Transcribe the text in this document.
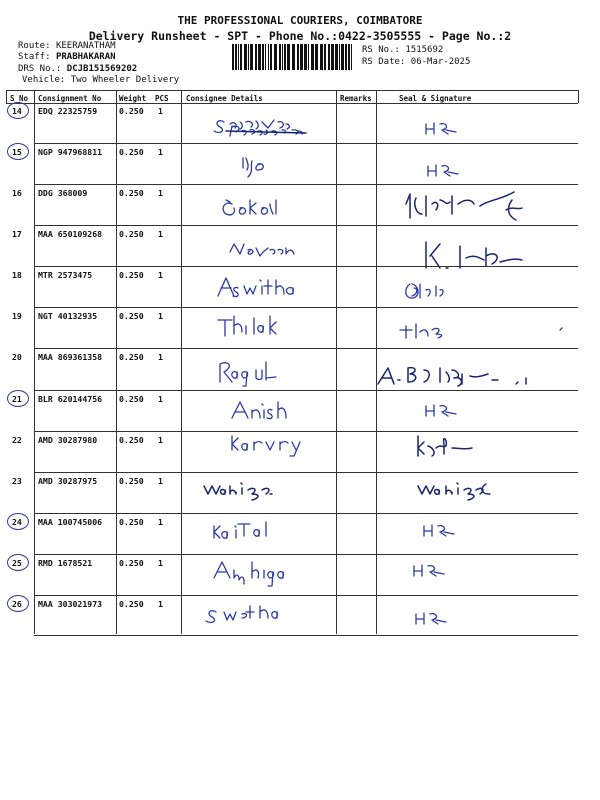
THE PROFESSIONAL COURIERS, COIMBATORE
Delivery Runsheet - SPT - Phone No.:0422-3505555 - Page No.:2
Route: KEERANATHAM
Staff: PRABHAKARAN
DRS No.: DCJB15156920​2
Vehicle: Two Wheeler Delivery
RS No.: 1515692
RS Date: 06-Mar-2025
S No Consignment No Weight PCS Consignee Details	Remarks	Seal & Signature
14 EDQ 22325759	0.250 1
15 NGP 947968811 0.250 1
16 DDG 368009	0.250 1
17 MAA 650109268 0.250 1
18 MTR 2573475	0.250 1
19 NGT 40132935	0.250 1
20 MAA 869361358 0.250 1
21 BLR 620144756 0.250 1
22 AMD 30287980	0.250 1
23 AMD 30287975	0.250 1
24 MAA 100745006 0.250 1
25 RMD 1678521	0.250 1
26 MAA 303021973 0.250 1
